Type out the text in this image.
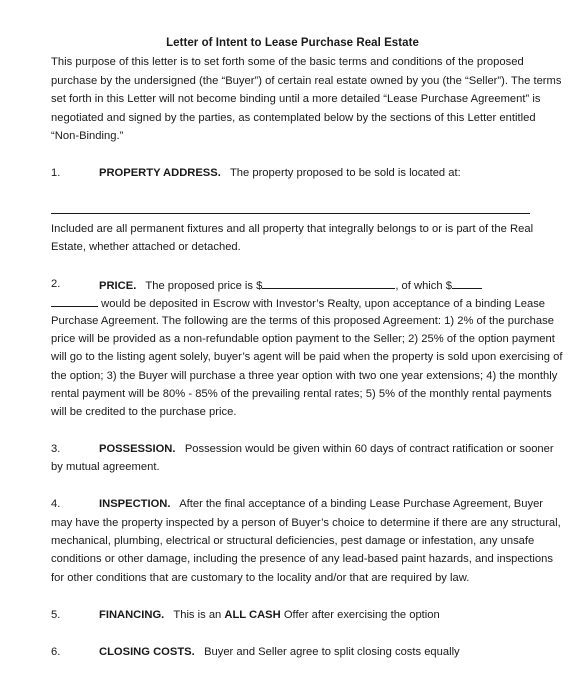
Letter of Intent to Lease Purchase Real Estate
This purpose of this letter is to set forth some of the basic terms and conditions of the proposed
purchase by the undersigned (the “Buyer”) of certain real estate owned by you (the “Seller”). The terms
set forth in this Letter will not become binding until a more detailed “Lease Purchase Agreement” is
negotiated and signed by the parties, as contemplated below by the sections of this Letter entitled
“Non-Binding.”
1.	PROPERTY ADDRESS.   The property proposed to be sold is located at:
Included are all permanent fixtures and all property that integrally belongs to or is part of the Real
Estate, whether attached or detached.
2.	PRICE.   The proposed price is $	, of which $
would be deposited in Escrow with Investor’s Realty, upon acceptance of a binding Lease
Purchase Agreement. The following are the terms of this proposed Agreement: 1) 2% of the purchase
price will be provided as a non-refundable option payment to the Seller; 2) 25% of the option payment
will go to the listing agent solely, buyer’s agent will be paid when the property is sold upon exercising of
the option; 3) the Buyer will purchase a three year option with two one year extensions; 4) the monthly
rental payment will be 80% - 85% of the prevailing rental rates; 5) 5% of the monthly rental payments
will be credited to the purchase price.
3.	POSSESSION.   Possession would be given within 60 days of contract ratification or sooner
by mutual agreement.
4.	INSPECTION.   After the final acceptance of a binding Lease Purchase Agreement, Buyer
may have the property inspected by a person of Buyer’s choice to determine if there are any structural,
mechanical, plumbing, electrical or structural deficiencies, pest damage or infestation, any unsafe
conditions or other damage, including the presence of any lead-based paint hazards, and inspections
for other conditions that are customary to the locality and/or that are required by law.
5.	FINANCING.   This is an ALL CASH Offer after exercising the option
6.	CLOSING COSTS.   Buyer and Seller agree to split closing costs equally
